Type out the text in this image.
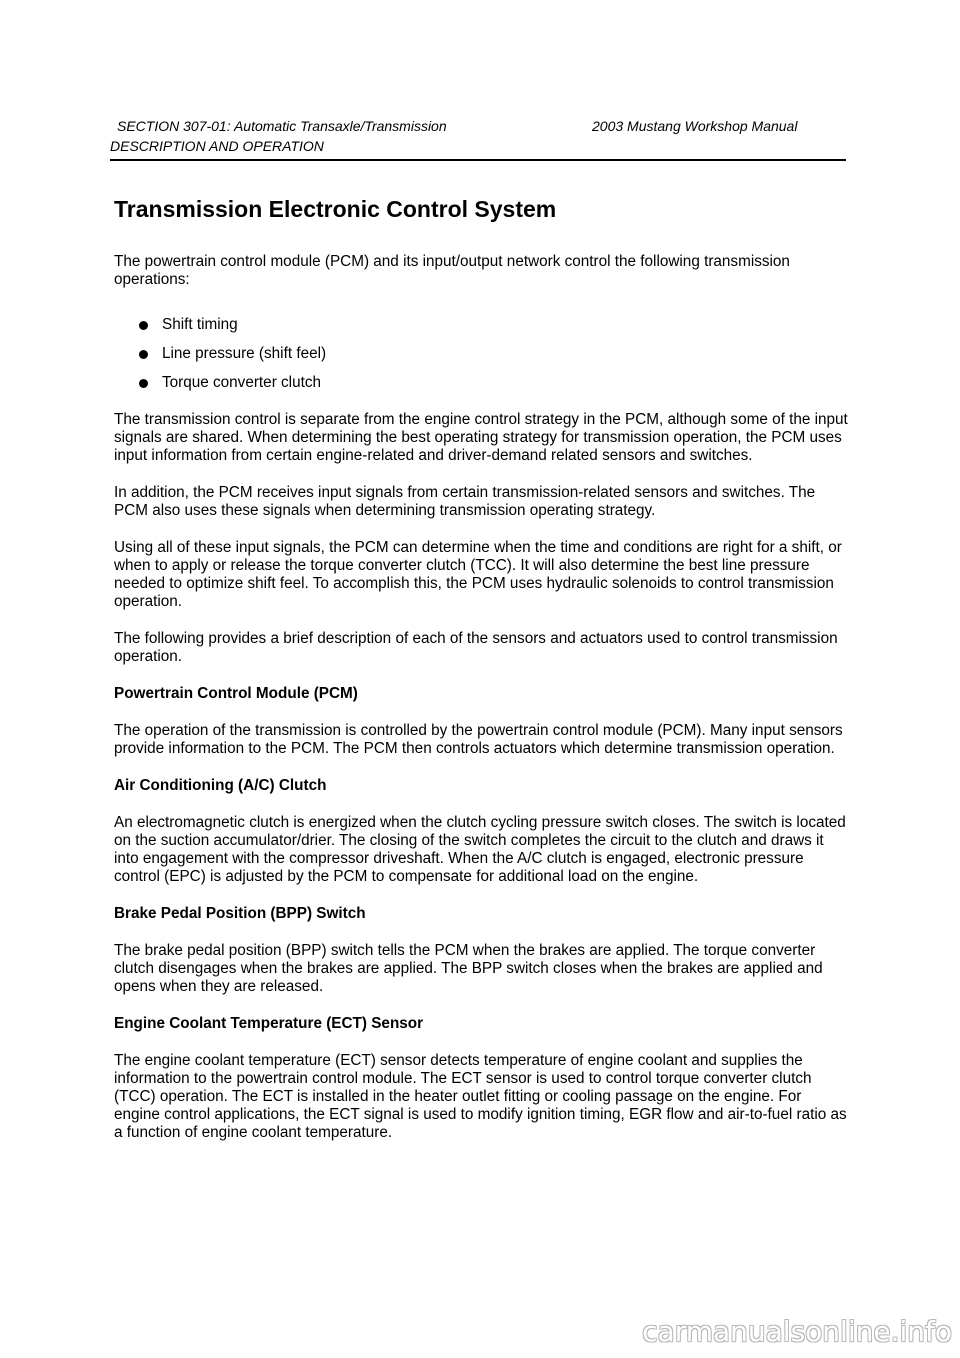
SECTION 307-01: Automatic Transaxle/Transmission	2003 Mustang Workshop Manual
DESCRIPTION AND OPERATION
Transmission Electronic Control System

The powertrain control module (PCM) and its input/output network control the following transmission operations:

Shift timing
Line pressure (shift feel)
Torque converter clutch

The transmission control is separate from the engine control strategy in the PCM, although some of the input signals are shared. When determining the best operating strategy for transmission operation, the PCM uses input information from certain engine-related and driver-demand related sensors and switches.

In addition, the PCM receives input signals from certain transmission-related sensors and switches. The PCM also uses these signals when determining transmission operating strategy.

Using all of these input signals, the PCM can determine when the time and conditions are right for a shift, or when to apply or release the torque converter clutch (TCC). It will also determine the best line pressure needed to optimize shift feel. To accomplish this, the PCM uses hydraulic solenoids to control transmission operation.

The following provides a brief description of each of the sensors and actuators used to control transmission operation.

Powertrain Control Module (PCM)

The operation of the transmission is controlled by the powertrain control module (PCM). Many input sensors provide information to the PCM. The PCM then controls actuators which determine transmission operation.

Air Conditioning (A/C) Clutch

An electromagnetic clutch is energized when the clutch cycling pressure switch closes. The switch is located on the suction accumulator/drier. The closing of the switch completes the circuit to the clutch and draws it into engagement with the compressor driveshaft. When the A/C clutch is engaged, electronic pressure control (EPC) is adjusted by the PCM to compensate for additional load on the engine.

Brake Pedal Position (BPP) Switch

The brake pedal position (BPP) switch tells the PCM when the brakes are applied. The torque converter clutch disengages when the brakes are applied. The BPP switch closes when the brakes are applied and opens when they are released.

Engine Coolant Temperature (ECT) Sensor

The engine coolant temperature (ECT) sensor detects temperature of engine coolant and supplies the information to the powertrain control module. The ECT sensor is used to control torque converter clutch (TCC) operation. The ECT is installed in the heater outlet fitting or cooling passage on the engine. For engine control applications, the ECT signal is used to modify ignition timing, EGR flow and air-to-fuel ratio as a function of engine coolant temperature.

carmanualsonline.info
